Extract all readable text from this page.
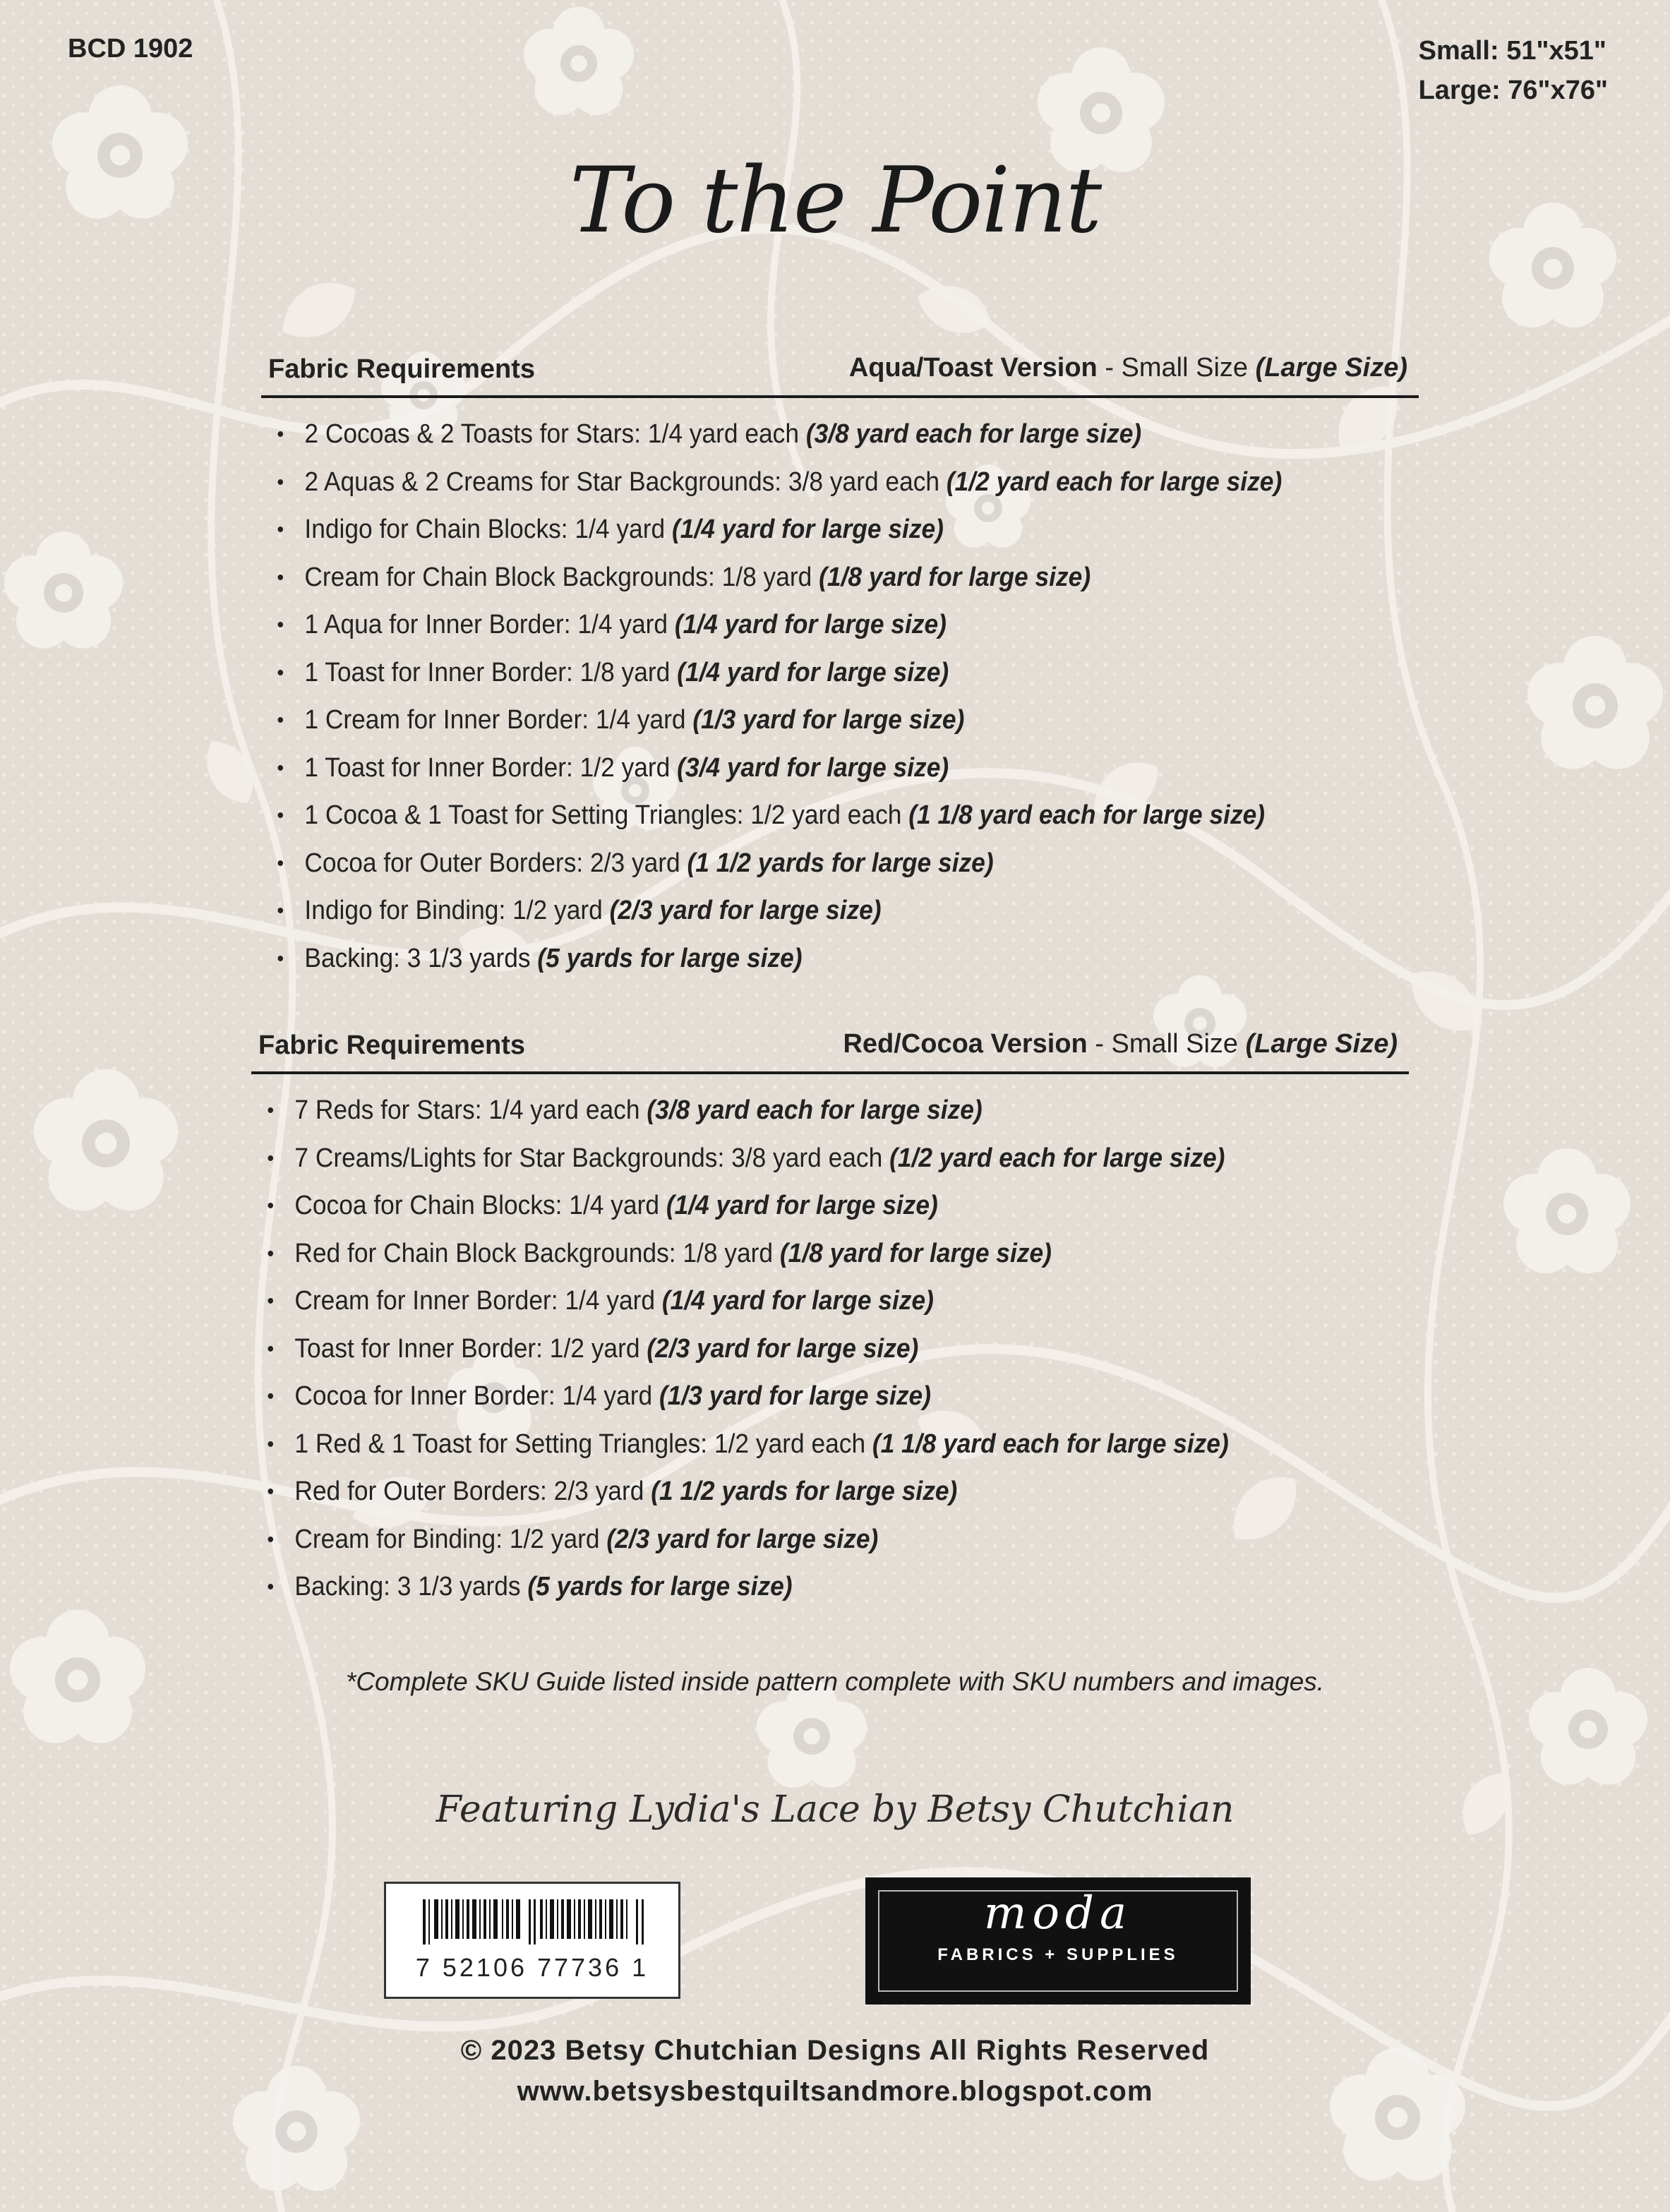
BCD 1902	Small: 51"x51"
Large: 76"x76"
To the Point
Fabric Requirements	Aqua/Toast Version - Small Size (Large Size)
• 2 Cocoas & 2 Toasts for Stars: 1/4 yard each (3/8 yard each for large size)
• 2 Aquas & 2 Creams for Star Backgrounds: 3/8 yard each (1/2 yard each for large size)
• Indigo for Chain Blocks: 1/4 yard (1/4 yard for large size)
• Cream for Chain Block Backgrounds: 1/8 yard (1/8 yard for large size)
• 1 Aqua for Inner Border: 1/4 yard (1/4 yard for large size)
• 1 Toast for Inner Border: 1/8 yard (1/4 yard for large size)
• 1 Cream for Inner Border: 1/4 yard (1/3 yard for large size)
• 1 Toast for Inner Border: 1/2 yard (3/4 yard for large size)
• 1 Cocoa & 1 Toast for Setting Triangles: 1/2 yard each (1 1/8 yard each for large size)
• Cocoa for Outer Borders: 2/3 yard (1 1/2 yards for large size)
• Indigo for Binding: 1/2 yard (2/3 yard for large size)
• Backing: 3 1/3 yards (5 yards for large size)
Fabric Requirements	Red/Cocoa Version - Small Size (Large Size)
• 7 Reds for Stars: 1/4 yard each (3/8 yard each for large size)
• 7 Creams/Lights for Star Backgrounds: 3/8 yard each (1/2 yard each for large size)
• Cocoa for Chain Blocks: 1/4 yard (1/4 yard for large size)
• Red for Chain Block Backgrounds: 1/8 yard (1/8 yard for large size)
• Cream for Inner Border: 1/4 yard (1/4 yard for large size)
• Toast for Inner Border: 1/2 yard (2/3 yard for large size)
• Cocoa for Inner Border: 1/4 yard (1/3 yard for large size)
• 1 Red & 1 Toast for Setting Triangles: 1/2 yard each (1 1/8 yard each for large size)
• Red for Outer Borders: 2/3 yard (1 1/2 yards for large size)
• Cream for Binding: 1/2 yard (2/3 yard for large size)
• Backing: 3 1/3 yards (5 yards for large size)
*Complete SKU Guide listed inside pattern complete with SKU numbers and images.
Featuring Lydia's Lace by Betsy Chutchian
7 52106 77736 1
moda
FABRICS + SUPPLIES
© 2023 Betsy Chutchian Designs All Rights Reserved
www.betsysbestquiltsandmore.blogspot.com
